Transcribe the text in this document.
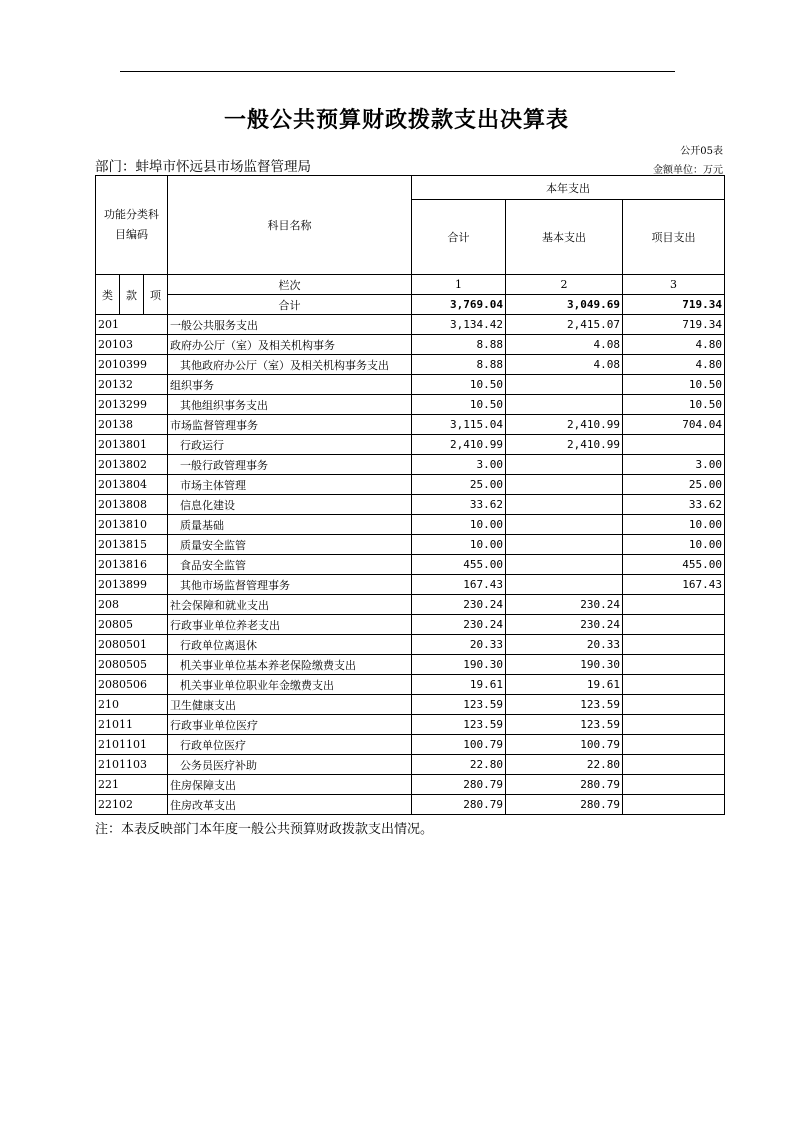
一般公共预算财政拨款支出决算表
公开05表
部门：蚌埠市怀远县市场监督管理局	金额单位：万元
功能分类科目编码			科目名称	本年支出		
				合计	基本支出	项目支出
类	款	项	栏次	1	2	3
			合计	3,769.04	3,049.69	719.34
201			一般公共服务支出	3,134.42	2,415.07	719.34
20103			政府办公厅（室）及相关机构事务	8.88	4.08	4.80
2010399			其他政府办公厅（室）及相关机构事务支出	8.88	4.08	4.80
20132			组织事务	10.50		10.50
2013299			其他组织事务支出	10.50		10.50
20138			市场监督管理事务	3,115.04	2,410.99	704.04
2013801			行政运行	2,410.99	2,410.99	
2013802			一般行政管理事务	3.00		3.00
2013804			市场主体管理	25.00		25.00
2013808			信息化建设	33.62		33.62
2013810			质量基础	10.00		10.00
2013815			质量安全监管	10.00		10.00
2013816			食品安全监管	455.00		455.00
2013899			其他市场监督管理事务	167.43		167.43
208			社会保障和就业支出	230.24	230.24	
20805			行政事业单位养老支出	230.24	230.24	
2080501			行政单位离退休	20.33	20.33	
2080505			机关事业单位基本养老保险缴费支出	190.30	190.30	
2080506			机关事业单位职业年金缴费支出	19.61	19.61	
210			卫生健康支出	123.59	123.59	
21011			行政事业单位医疗	123.59	123.59	
2101101			行政单位医疗	100.79	100.79	
2101103			公务员医疗补助	22.80	22.80	
221			住房保障支出	280.79	280.79	
22102			住房改革支出	280.79	280.79	
注：本表反映部门本年度一般公共预算财政拨款支出情况。
